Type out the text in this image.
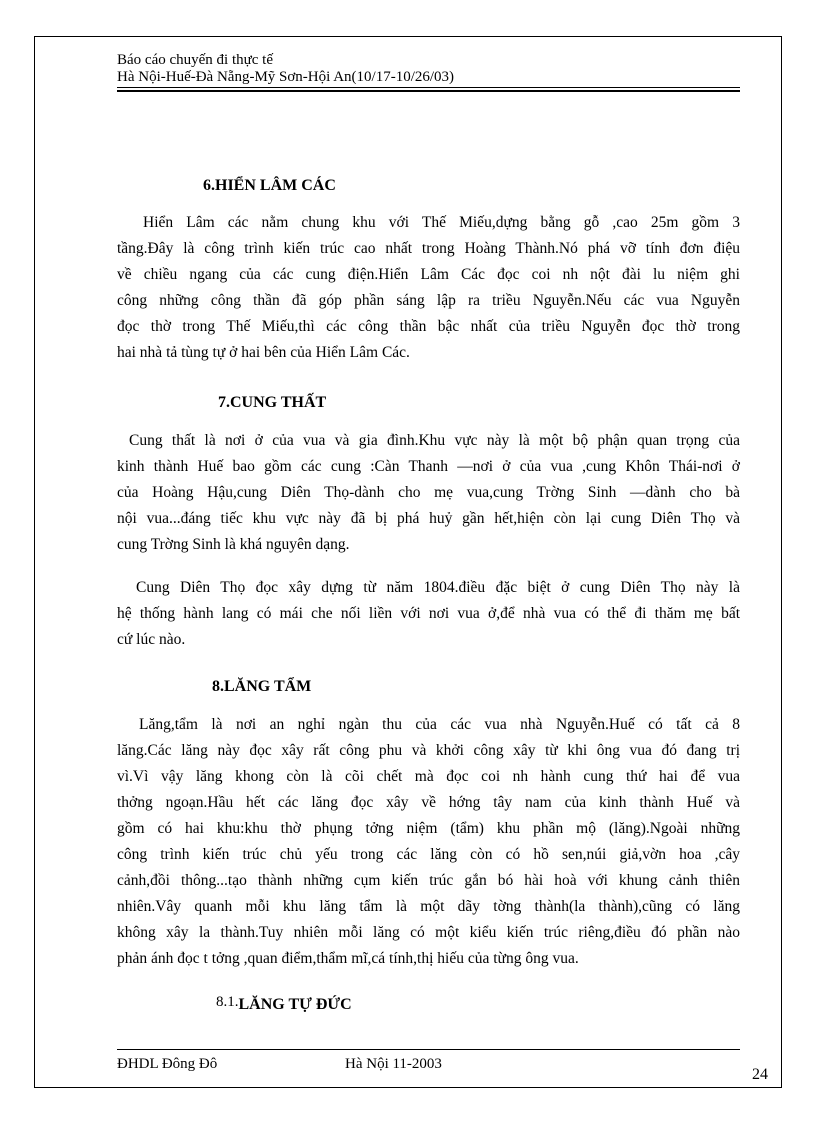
Báo cáo chuyến đi thực tế
Hà Nội-Huế-Đà Nẵng-Mỹ Sơn-Hội An(10/17-10/26/03)
6.HIỂN LÂM CÁC
Hiển Lâm các nằm chung khu với Thế Miếu,dựng bằng gỗ ,cao 25m gồm 3
tầng.Đây là công trình kiến trúc cao nhất trong Hoàng Thành.Nó phá vỡ tính đơn điệu
về chiều ngang của các cung điện.Hiển Lâm Các đọc coi nh nột đài lu niệm ghi
công những công thần đã góp phần sáng lập ra triều Nguyễn.Nếu các vua Nguyễn
đọc thờ trong Thế Miếu,thì các công thần bậc nhất của triều Nguyễn đọc thờ trong
hai nhà tả tùng tự ở hai bên của Hiển Lâm Các.
7.CUNG THẤT
Cung thất là nơi ở của vua và gia đình.Khu vực này là một bộ phận quan trọng của
kinh thành Huế bao gồm các cung :Càn Thanh —nơi ở của vua ,cung Khôn Thái-nơi ở
của Hoàng Hậu,cung Diên Thọ-dành cho mẹ vua,cung Trờng Sinh —dành cho bà
nội vua...đáng tiếc khu vực này đã bị phá huỷ gần hết,hiện còn lại cung Diên Thọ và
cung Trờng Sinh là khá nguyên dạng.
Cung Diên Thọ đọc xây dựng từ năm 1804.điều đặc biệt ở cung Diên Thọ này là
hệ thống hành lang có mái che nối liền với nơi vua ở,để nhà vua có thể đi thăm mẹ bất
cứ lúc nào.
8.LĂNG TẨM
Lăng,tẩm là nơi an nghỉ ngàn thu của các vua nhà Nguyễn.Huế có tất cả 8
lăng.Các lăng này đọc xây rất công phu và khởi công xây từ khi ông vua đó đang trị
vì.Vì vậy lăng khong còn là cõi chết mà đọc coi nh hành cung thứ hai để vua
thởng ngoạn.Hầu hết các lăng đọc xây về hớng tây nam của kinh thành Huế và
gồm có hai khu:khu thờ phụng tởng niệm (tẩm) khu phần mộ (lăng).Ngoài những
công trình kiến trúc chủ yếu trong các lăng còn có hồ sen,núi giả,vờn hoa ,cây
cảnh,đồi thông...tạo thành những cụm kiến trúc gắn bó hài hoà với khung cảnh thiên
nhiên.Vây quanh mỗi khu lăng tẩm là một dãy tờng thành(la thành),cũng có lăng
không xây la thành.Tuy nhiên mỗi lăng có một kiểu kiến trúc riêng,điều đó phần nào
phản ánh đọc t tởng ,quan điểm,thẩm mĩ,cá tính,thị hiếu của từng ông vua.
8.1.LĂNG TỰ ĐỨC
ĐHDL Đông Đô	Hà Nội 11-2003
24
